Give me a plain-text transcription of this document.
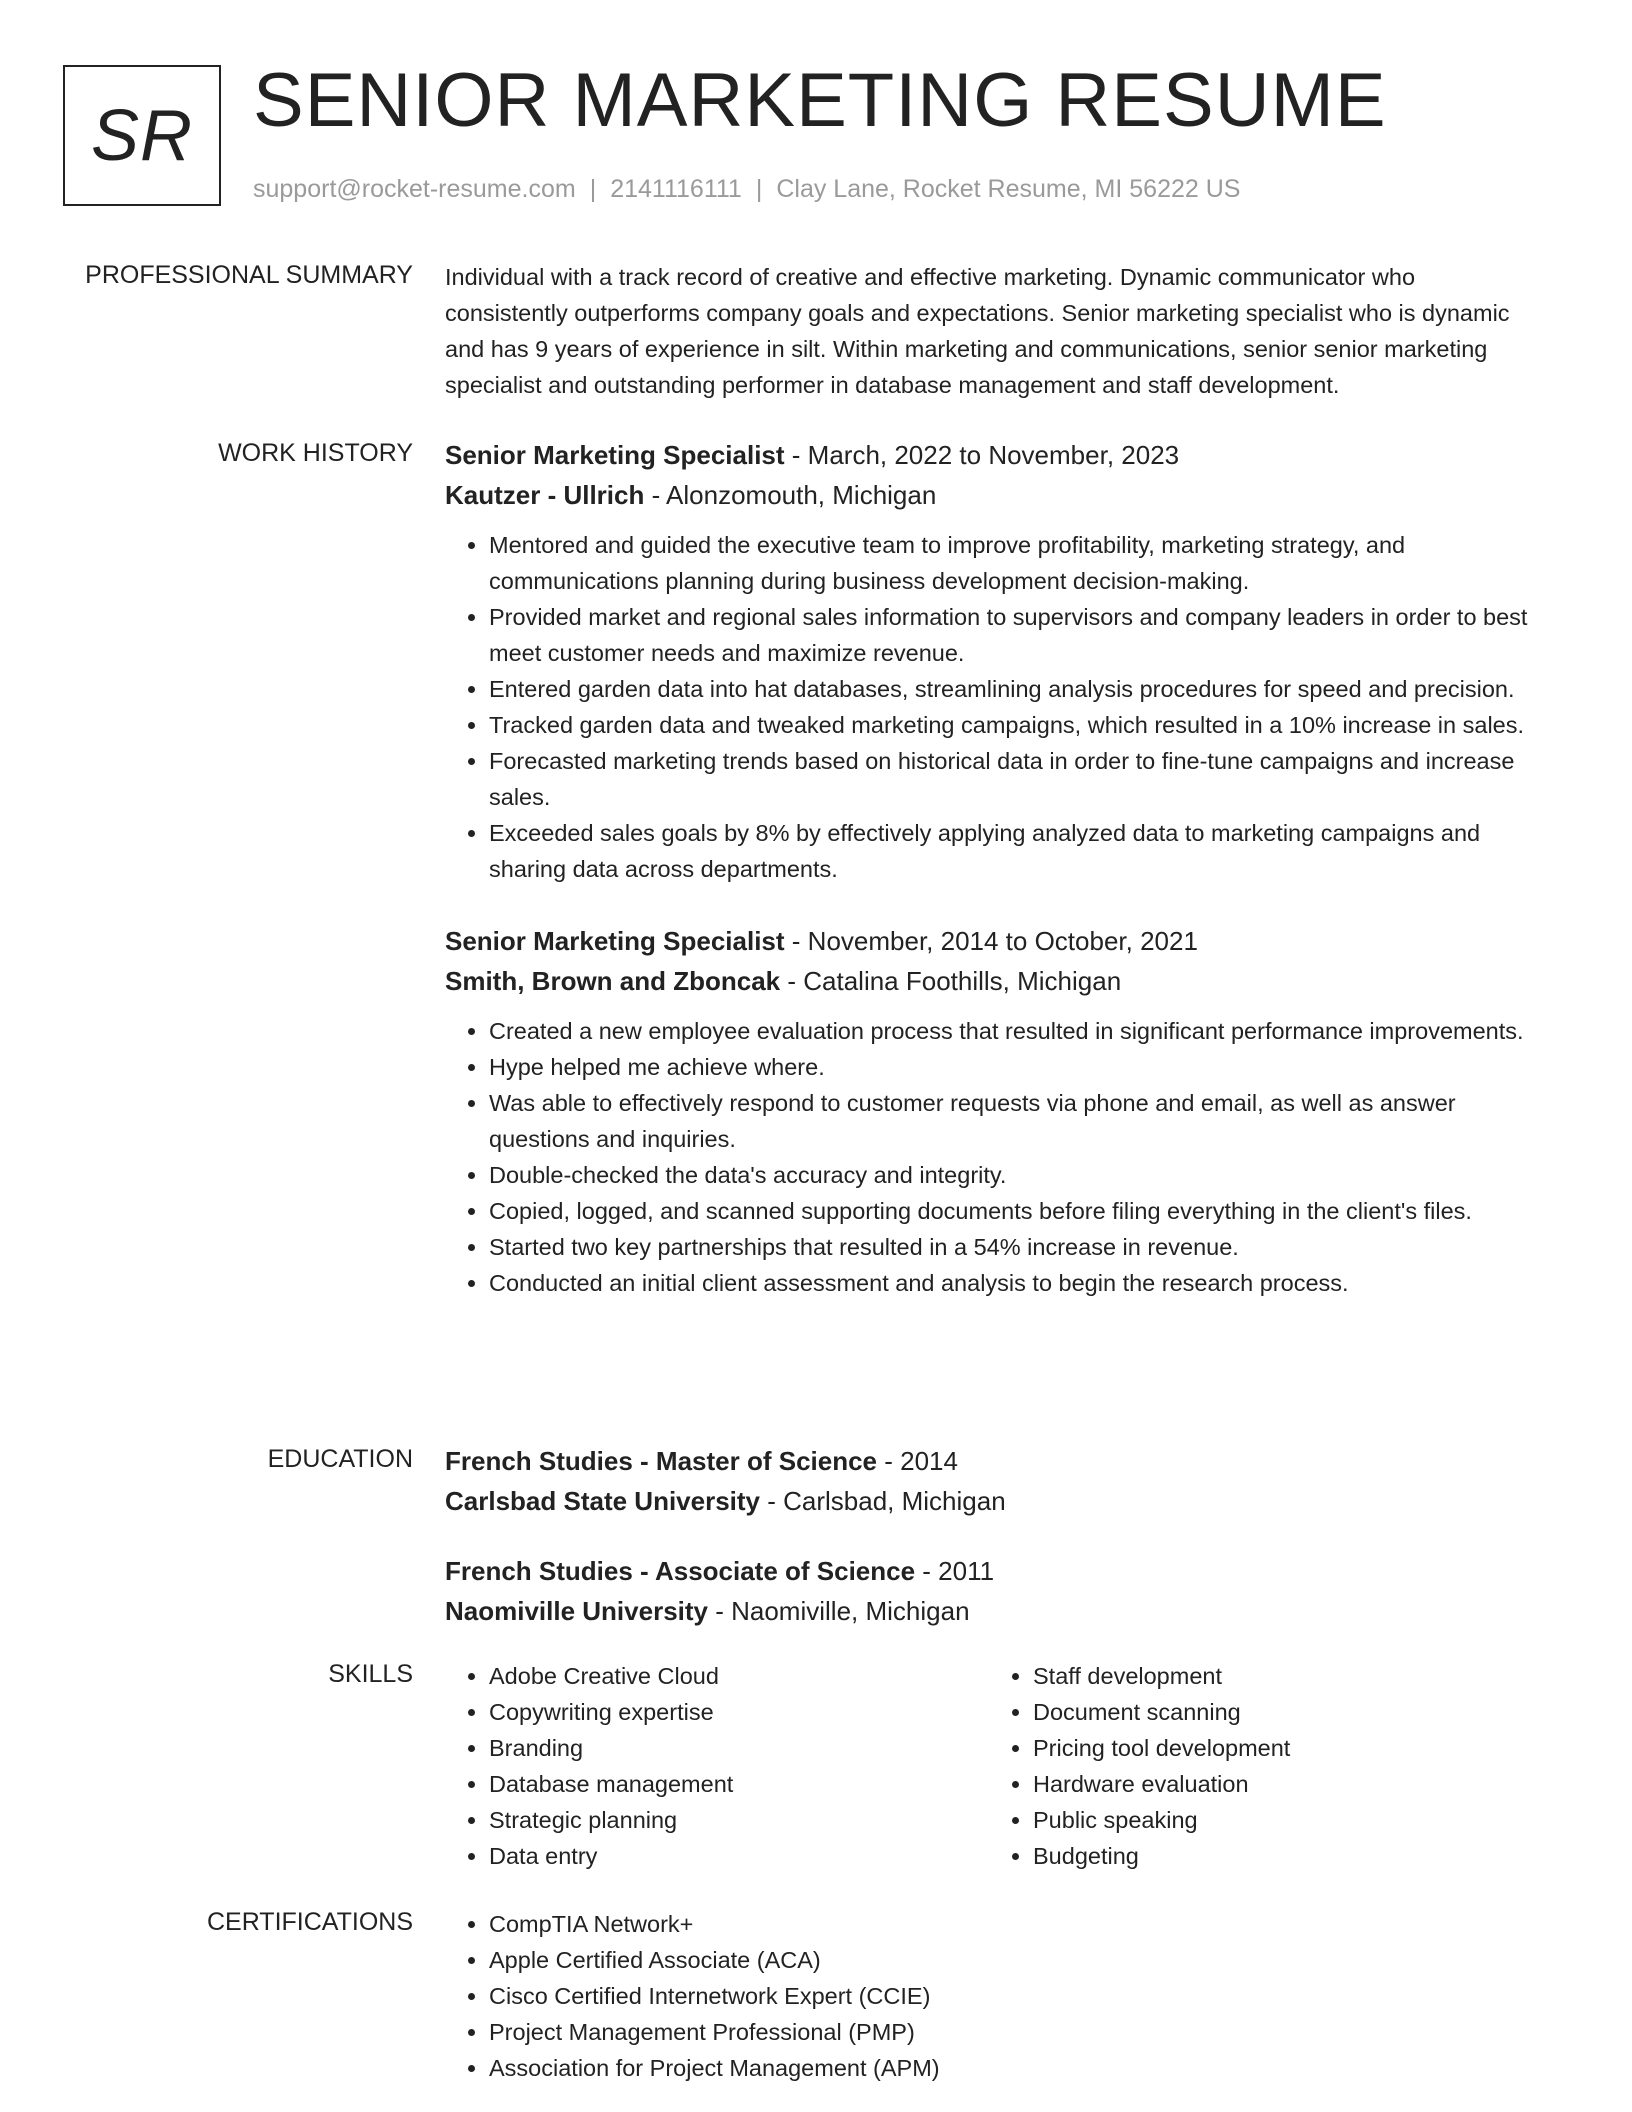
SR SENIOR MARKETING RESUME
support@rocket-resume.com | 2141116111 | Clay Lane, Rocket Resume, MI 56222 US
PROFESSIONAL SUMMARY Individual with a track record of creative and effective marketing. Dynamic communicator who consistently outperforms company goals and expectations. Senior marketing specialist who is dynamic and has 9 years of experience in silt. Within marketing and communications, senior senior marketing specialist and outstanding performer in database management and staff development.

WORK HISTORY Senior Marketing Specialist - March, 2022 to November, 2023

Kautzer - Ullrich - Alonzomouth, Michigan

• Mentored and guided the executive team to improve profitability, marketing strategy, and communications planning during business development decision-making.
• Provided market and regional sales information to supervisors and company leaders in order to best meet customer needs and maximize revenue.
• Entered garden data into hat databases, streamlining analysis procedures for speed and precision.
• Tracked garden data and tweaked marketing campaigns, which resulted in a 10% increase in sales.
• Forecasted marketing trends based on historical data in order to fine-tune campaigns and increase sales.
• Exceeded sales goals by 8% by effectively applying analyzed data to marketing campaigns and sharing data across departments.

Senior Marketing Specialist - November, 2014 to October, 2021

Smith, Brown and Zboncak - Catalina Foothills, Michigan

• Created a new employee evaluation process that resulted in significant performance improvements.
• Hype helped me achieve where.
• Was able to effectively respond to customer requests via phone and email, as well as answer questions and inquiries.
• Double-checked the data's accuracy and integrity.
• Copied, logged, and scanned supporting documents before filing everything in the client's files.
• Started two key partnerships that resulted in a 54% increase in revenue.
• Conducted an initial client assessment and analysis to begin the research process.
EDUCATION French Studies - Master of Science - 2014

Carlsbad State University - Carlsbad, Michigan

French Studies - Associate of Science - 2011

Naomiville University - Naomiville, Michigan

SKILLS	• Adobe Creative Cloud
• Copywriting expertise
• Branding
• Database management
• Strategic planning
• Data entry
• Staff development
• Document scanning
• Pricing tool development
• Hardware evaluation
• Public speaking
• Budgeting
CERTIFICATIONS	• CompTIA Network+
• Apple Certified Associate (ACA)
• Cisco Certified Internetwork Expert (CCIE)
• Project Management Professional (PMP)
• Association for Project Management (APM)
